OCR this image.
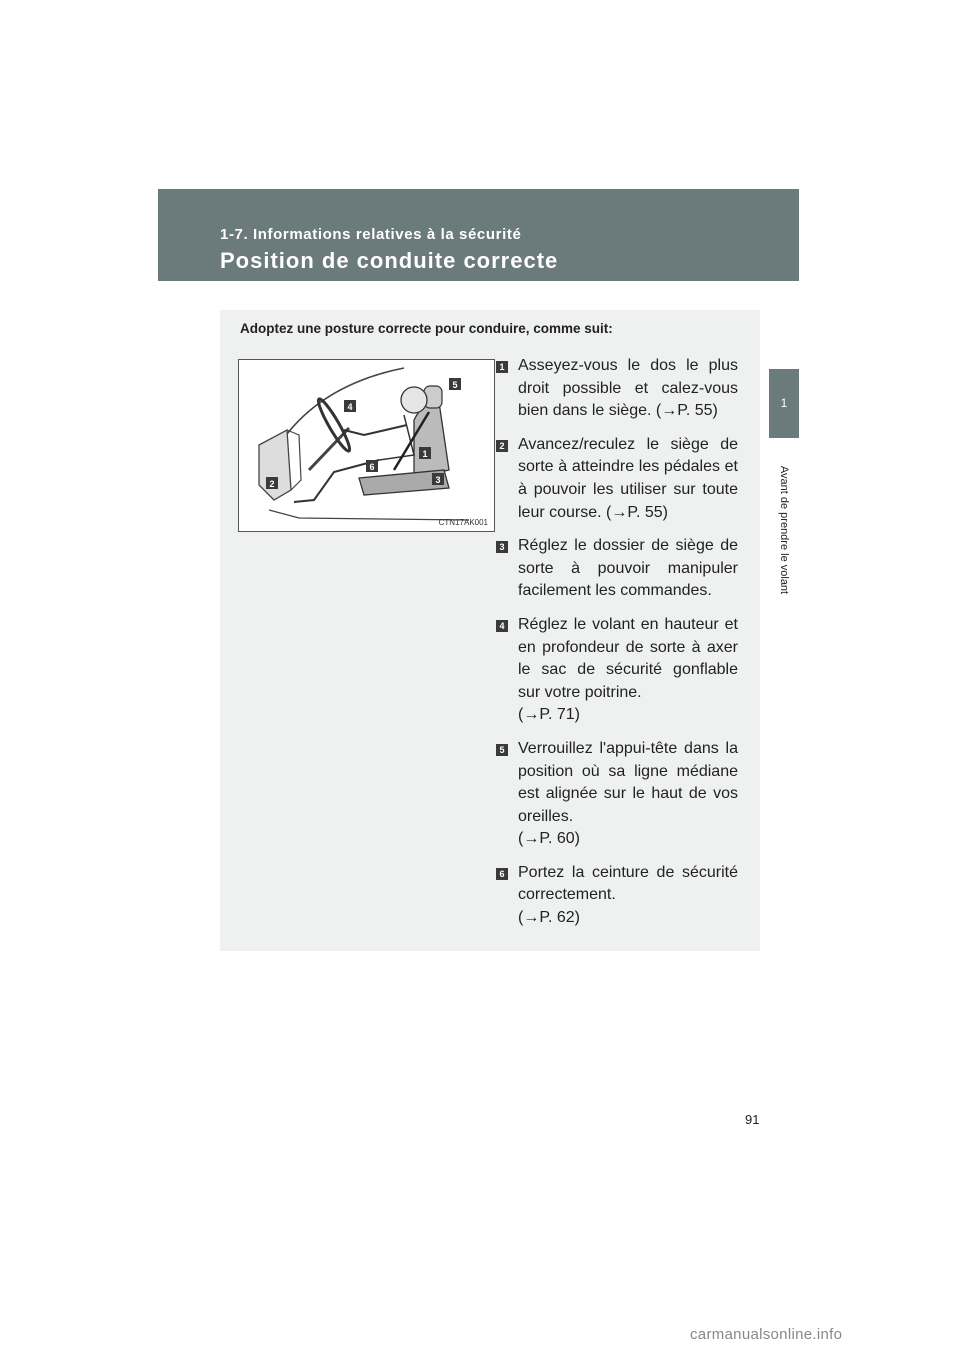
1-7. Informations relatives à la sécurité
Position de conduite correcte
1
Avant de prendre le volant
Adoptez une posture correcte pour conduire, comme suit:
4
5
1
6
3
2
CTN17AK001
1 Asseyez-vous le dos le plus droit possible et calez-vous bien dans le siège. (→P. 55)
2 Avancez/reculez le siège de sorte à atteindre les pédales et à pouvoir les utiliser sur toute leur course. (→P. 55)
3 Réglez le dossier de siège de sorte à pouvoir manipuler facilement les commandes.
4 Réglez le volant en hauteur et en profondeur de sorte à axer le sac de sécurité gonflable sur votre poitrine.
(→P. 71)
5 Verrouillez l'appui-tête dans la position où sa ligne médiane est alignée sur le haut de vos oreilles.
(→P. 60)
6 Portez la ceinture de sécurité correctement.
(→P. 62)
91
carmanualsonline.info
